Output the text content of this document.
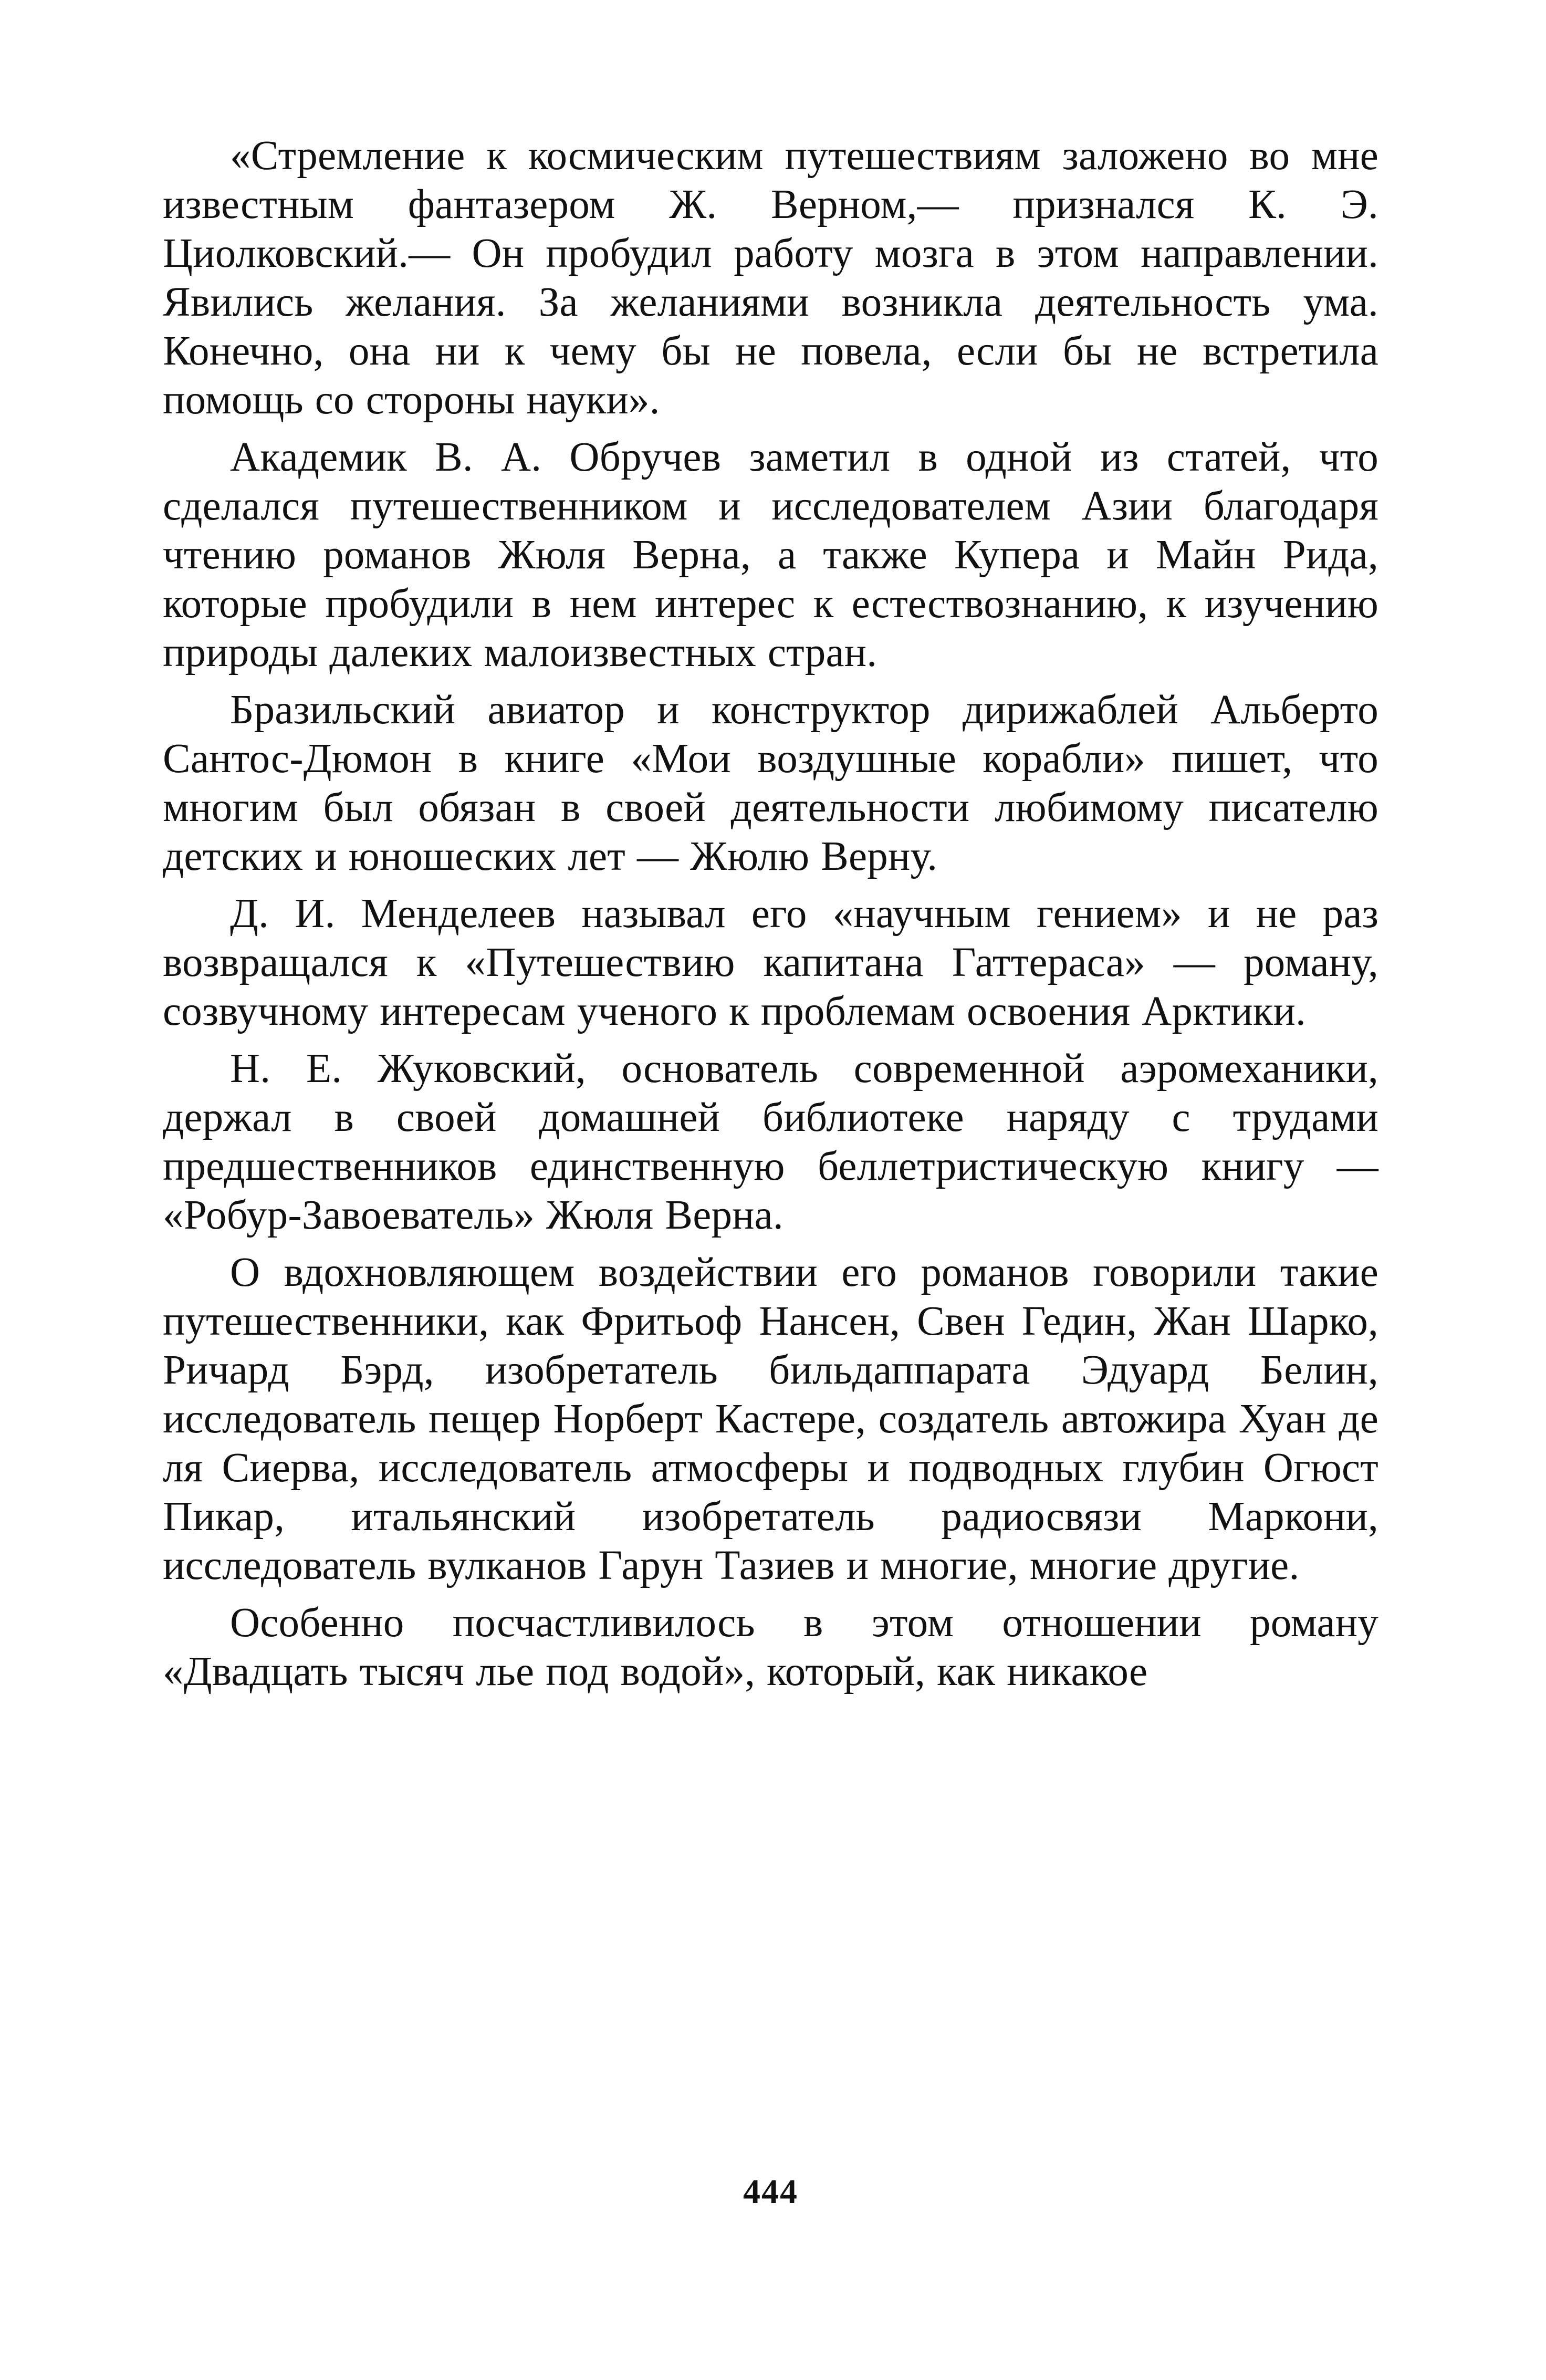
«Стремление к космическим путешествиям заложено во мне известным фантазером Ж. Верном,— признался К. Э. Циолковский.— Он пробудил работу мозга в этом направлении. Явились желания. За желаниями возникла деятельность ума. Конечно, она ни к чему бы не повела, если бы не встретила помощь со стороны науки».

Академик В. А. Обручев заметил в одной из статей, что сделался путешественником и исследователем Азии благодаря чтению романов Жюля Верна, а также Купера и Майн Рида, которые пробудили в нем интерес к естествознанию, к изучению природы далеких малоизвестных стран.

Бразильский авиатор и конструктор дирижаблей Альберто Сантос-Дюмон в книге «Мои воздушные корабли» пишет, что многим был обязан в своей деятельности любимому писателю детских и юношеских лет — Жюлю Верну.

Д. И. Менделеев называл его «научным гением» и не раз возвращался к «Путешествию капитана Гаттераса» — роману, созвучному интересам ученого к проблемам освоения Арктики.

Н. Е. Жуковский, основатель современной аэромеханики, держал в своей домашней библиотеке наряду с трудами предшественников единственную беллетристическую книгу — «Робур-Завоеватель» Жюля Верна.

О вдохновляющем воздействии его романов говорили такие путешественники, как Фритьоф Нансен, Свен Гедин, Жан Шарко, Ричард Бэрд, изобретатель бильдаппарата Эдуард Белин, исследователь пещер Норберт Кастере, создатель автожира Хуан де ля Сиерва, исследователь атмосферы и подводных глубин Огюст Пикар, итальянский изобретатель радиосвязи Маркони, исследователь вулканов Гарун Тазиев и многие, многие другие.

Особенно посчастливилось в этом отношении роману «Двадцать тысяч лье под водой», который, как никакое

444
